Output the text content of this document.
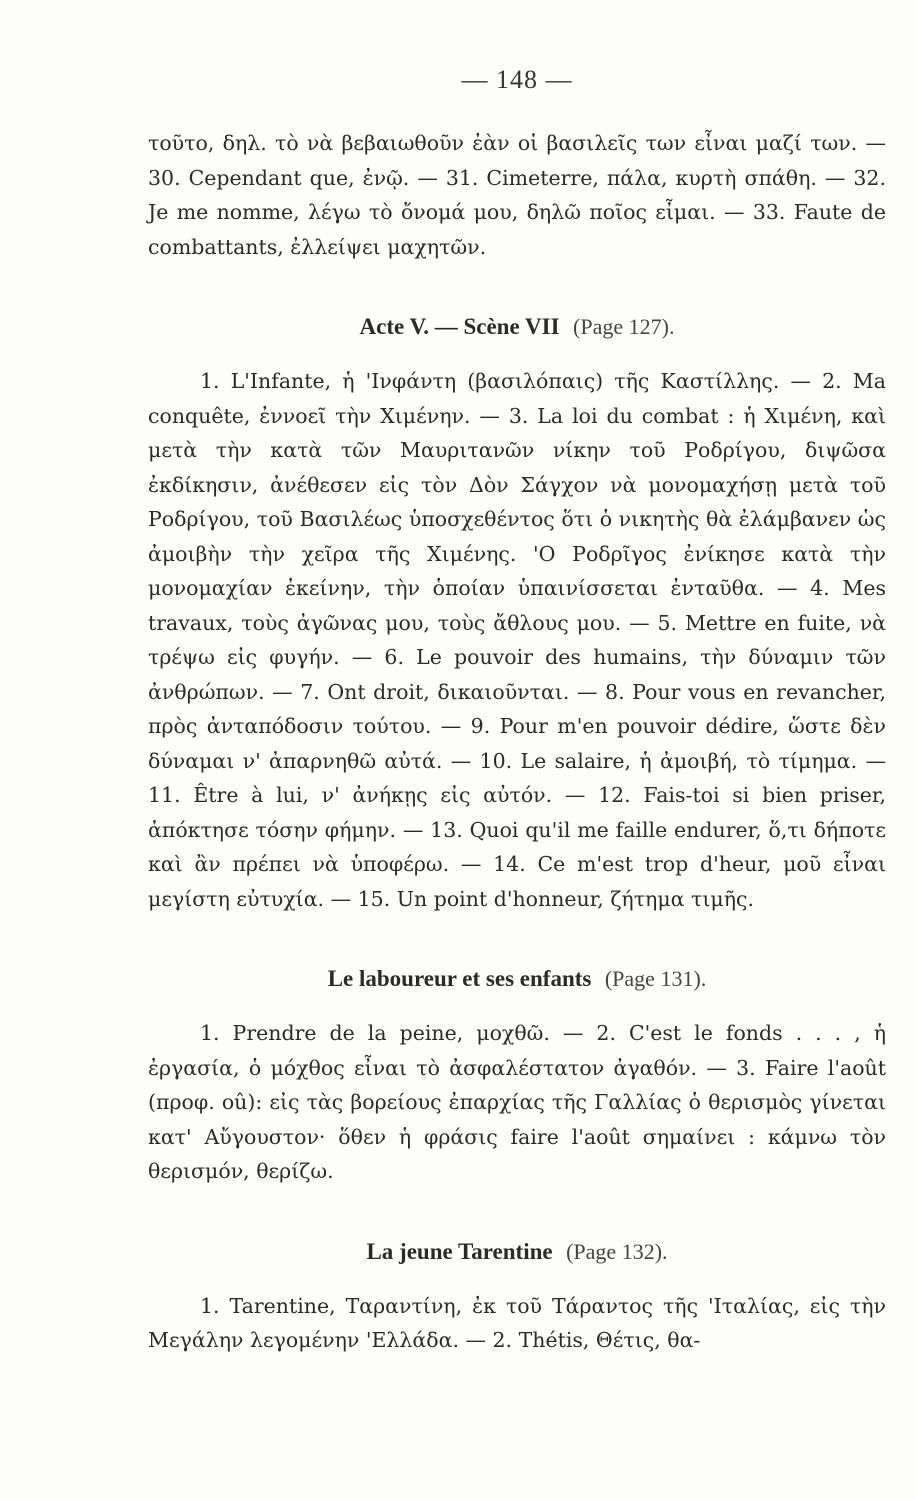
— 148 —

τοῦτο, δηλ. τὸ νὰ βεβαιωθοῦν ἐὰν οἱ βασιλεῖς των εἶναι μαζί των. — 30. Cependant que, ἐνῷ. — 31. Cimeterre, πάλα, κυρτὴ σπάθη. — 32. Je me nomme, λέγω τὸ ὄνομά μου, δηλῶ ποῖος εἶμαι. — 33. Faute de combattants, ἐλλείψει μαχητῶν.

Acte V. — Scène VII (Page 127).

1. L'Infante, ἡ 'Ινφάντη (βασιλόπαις) τῆς Καστίλλης. — 2. Ma conquête, ἐννοεῖ τὴν Χιμένην. — 3. La loi du combat : ἡ Χιμένη, καὶ μετὰ τὴν κατὰ τῶν Μαυριτανῶν νίκην τοῦ Ροδρίγου, διψῶσα ἐκδίκησιν, ἀνέθεσεν εἰς τὸν Δὸν Σάγχον νὰ μονομαχήσῃ μετὰ τοῦ Ροδρίγου, τοῦ Βασιλέως ὑποσχεθέντος ὅτι ὁ νικητὴς θὰ ἐλάμβανεν ὡς ἀμοιβὴν τὴν χεῖρα τῆς Χιμένης. 'Ο Ροδρῖγος ἐνίκησε κατὰ τὴν μονομαχίαν ἐκείνην, τὴν ὁποίαν ὑπαινίσσεται ἐνταῦθα. — 4. Mes travaux, τοὺς ἀγῶνας μου, τοὺς ἄθλους μου. — 5. Mettre en fuite, νὰ τρέψω εἰς φυγήν. — 6. Le pouvoir des humains, τὴν δύναμιν τῶν ἀνθρώπων. — 7. Ont droit, δικαιοῦνται. — 8. Pour vous en revancher, πρὸς ἀνταπόδοσιν τούτου. — 9. Pour m'en pouvoir dédire, ὥστε δὲν δύναμαι ν' ἀπαρνηθῶ αὐτά. — 10. Le salaire, ἡ ἀμοιβή, τὸ τίμημα. — 11. Être à lui, ν' ἀνήκῃς εἰς αὐτόν. — 12. Fais-toi si bien priser, ἀπόκτησε τόσην φήμην. — 13. Quoi qu'il me faille endurer, ὅ,τι δήποτε καὶ ἂν πρέπει νὰ ὑποφέρω. — 14. Ce m'est trop d'heur, μοῦ εἶναι μεγίστη εὐτυχία. — 15. Un point d'honneur, ζήτημα τιμῆς.

Le laboureur et ses enfants (Page 131).

1. Prendre de la peine, μοχθῶ. — 2. C'est le fonds . . . , ἡ ἐργασία, ὁ μόχθος εἶναι τὸ ἀσφαλέστατον ἀγαθόν. — 3. Faire l'août (προφ. oû): εἰς τὰς βορείους ἐπαρχίας τῆς Γαλλίας ὁ θερισμὸς γίνεται κατ' Αὔγουστον· ὅθεν ἡ φράσις faire l'août σημαίνει : κάμνω τὸν θερισμόν, θερίζω.

La jeune Tarentine (Page 132).

1. Tarentine, Ταραντίνη, ἐκ τοῦ Τάραντος τῆς 'Ιταλίας, εἰς τὴν Μεγάλην λεγομένην 'Ελλάδα. — 2. Thétis, Θέτις, θα-
